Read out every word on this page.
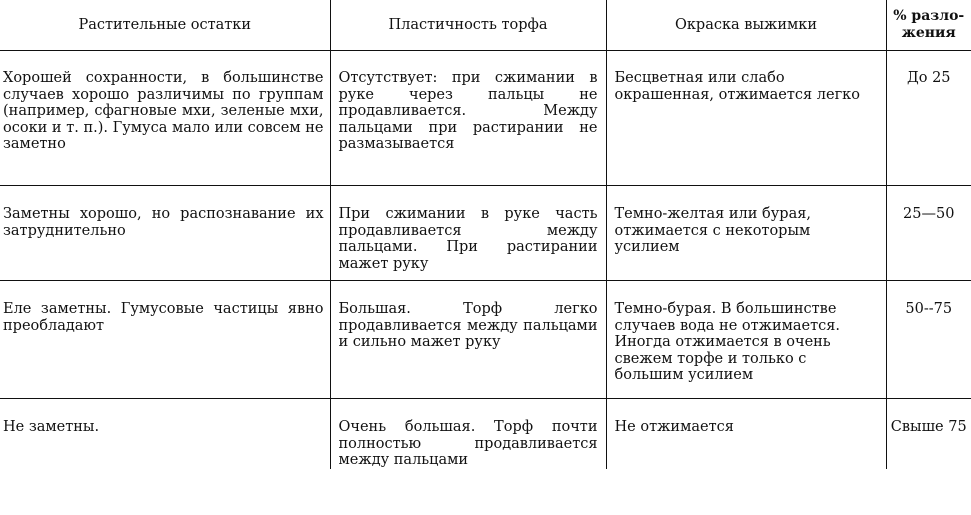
Растительные остатки	Пластичность торфа	Окраска выжимки	% разло-жения

Хорошей сохранности, в большинстве случаев хорошо различимы по группам (например, сфагновые мхи, зеленые мхи, осоки и т. п.). Гумуса мало или совсем не заметно	Отсутствует: при сжимании в руке через пальцы не продавливается. Между пальцами при растирании не размазывается	Бесцветная или слабо окрашенная, отжимается легко	До 25

Заметны хорошо, но распознавание их затруднительно	При сжимании в руке часть продавливается между пальцами. При растирании мажет руку	Темно-желтая или бурая, отжимается с некоторым усилием	25—50

Еле заметны. Гумусовые частицы явно преобладают	Большая. Торф легко продавливается между пальцами и сильно мажет руку	Темно-бурая. В большинстве случаев вода не отжимается. Иногда отжимается в очень свежем торфе и только с большим усилием	50--75

Не заметны.	Очень большая. Торф почти полностью продавливается между пальцами	Не отжимается	Свыше 75
